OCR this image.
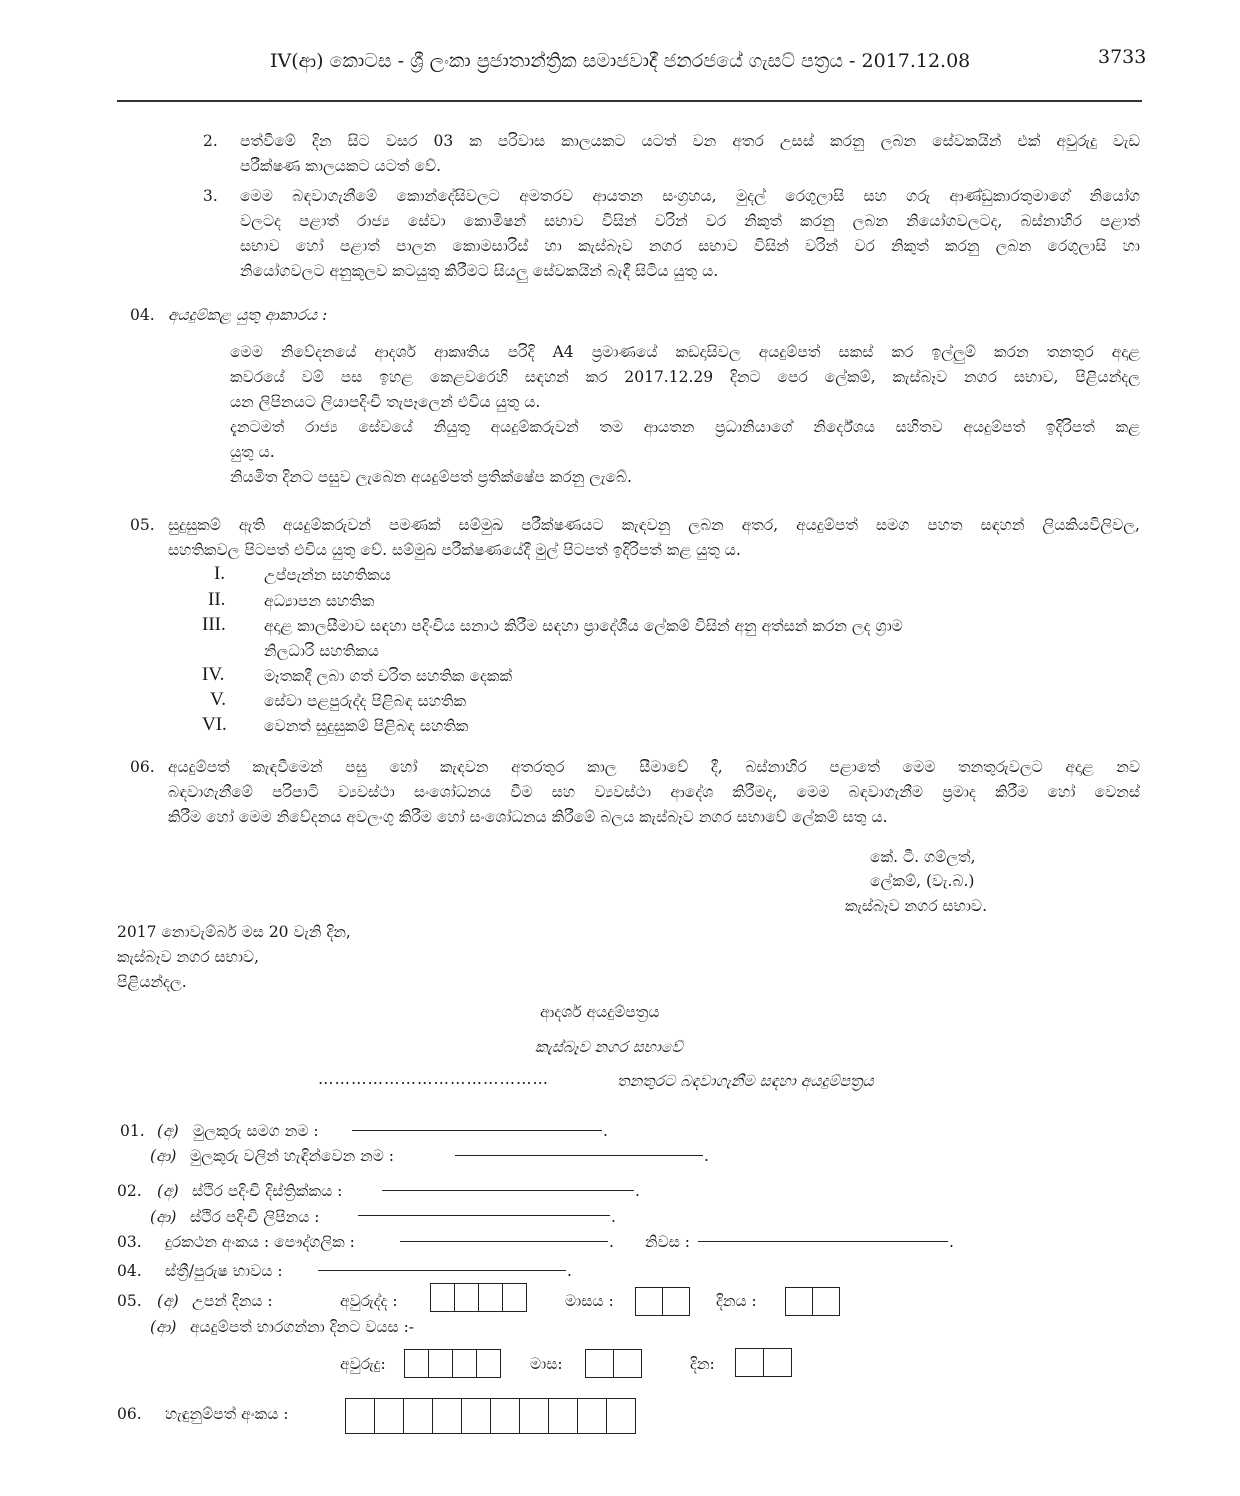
IV(ආ) කොටස - ශ්‍රී ලංකා ප්‍රජාතාන්ත්‍රික සමාජවාදී ජනරජයේ ගැසට් පත්‍රය - 2017.12.08	3733
2. පත්වීමේ දින සිට වසර 03 ක පරිවාස කාලයකට යටත් වන අතර උසස් කරනු ලබන සේවකයින් එක් අවුරුදු වැඩ
පරීක්ෂණ කාලයකට යටත් වේ.
3. මෙම බඳවාගැනීමේ කොන්දේසිවලට අමතරව ආයතන සංග්‍රහය, මුදල් රෙගුලාසි සහ ගරු ආණ්ඩුකාරතුමාගේ නියෝග
වලටද පළාත් රාජ්‍ය සේවා කොමිෂන් සභාව විසින් වරින් වර නිකුත් කරනු ලබන නියෝගවලටද, බස්නාහිර පළාත්
සභාව හෝ පළාත් පාලන කොමසාරිස් හා කැස්බෑව නගර සභාව විසින් වරින් වර නිකුත් කරනු ලබන රෙගුලාසි හා
නියෝගවලට අනුකූලව කටයුතු කිරීමට සියලු සේවකයින් බැඳී සිටිය යුතු ය.
04. අයදුම්කළ යුතු ආකාරය :
මෙම නිවේදනයේ ආදර්ශ ආකෘතිය පරිදි A4 ප්‍රමාණයේ කඩදාසිවල අයදුම්පත් සකස් කර ඉල්ලුම් කරන තනතුර අදාළ
කවරයේ වම් පස ඉහළ කෙළවරෙහි සඳහන් කර 2017.12.29 දිනට පෙර ලේකම්, කැස්බෑව නගර සභාව, පිළියන්දල
යන ලිපිනයට ලියාපදිංචි තැපෑලෙන් එවිය යුතු ය.
දැනටමත් රාජ්‍ය සේවයේ නියුතු අයදුම්කරුවන් තම ආයතන ප්‍රධානියාගේ නිර්දේශය සහිතව අයදුම්පත් ඉදිරිපත් කළ
යුතු ය.
නියමිත දිනට පසුව ලැබෙන අයදුම්පත් ප්‍රතික්ෂේප කරනු ලැබේ.
05. සුදුසුකම් ඇති අයදුම්කරුවන් පමණක් සම්මුඛ පරීක්ෂණයට කැඳවනු ලබන අතර, අයදුම්පත් සමග පහත සඳහන් ලියකියවිලිවල,
සහතිකවල පිටපත් එවිය යුතු වේ. සම්මුඛ පරීක්ෂණයේදී මුල් පිටපත් ඉදිරිපත් කළ යුතු ය.
I.	උප්පැන්න සහතිකය
II. අධ්‍යාපන සහතික
III. අදාළ කාලසීමාව සඳහා පදිංචිය සනාථ කිරීම සඳහා ප්‍රාදේශීය ලේකම් විසින් අනු අත්සන් කරන ලද ග්‍රාම
නිලධාරි සහතිකය
IV.	මෑතකදී ලබා ගත් චරිත සහතික දෙකක්
V. සේවා පළපුරුද්ද පිළිබඳ සහතික
VI. වෙනත් සුදුසුකම් පිළිබඳ සහතික
06. අයදුම්පත් කැඳවීමෙන් පසු හෝ කැඳවන අතරතුර කාල සීමාවේ දී, බස්නාහිර පළාතේ මෙම තනතුරුවලට අදාළ නව
බඳවාගැනීමේ පරිපාටි ව්‍යවස්ථා සංශෝධනය වීම සහ ව්‍යවස්ථා ආදේශ කිරීමද, මෙම බඳවාගැනීම ප්‍රමාද කිරීම හෝ වෙනස්
කිරීම හෝ මෙම නිවේදනය අවලංගු කිරීම හෝ සංශෝධනය කිරීමේ බලය කැස්බෑව නගර සභාවේ ලේකම් සතු ය.
කේ. ටී. ගම්ලත්,
ලේකම්, (වැ.බ.)
කැස්බෑව නගර සභාව.
2017 නොවැම්බර් මස 20 වැනි දින,
කැස්බෑව නගර සභාව,
පිළියන්දල.
ආදර්ශ අයදුම්පත්‍රය
කැස්බෑව නගර සභාවේ
……………………………………	තනතුරට බඳවාගැනීම සඳහා අයදුම්පත්‍රය
01. (අ) මුලකුරු සමග නම :	.
(ආ) මුලකුරු වලින් හැඳින්වෙන නම :	.
02. (අ) ස්ථිර පදිංචි දිස්ත්‍රික්කය :	.
(ආ) ස්ථිර පදිංචි ලිපිනය :	.
03. දුරකථන අංකය : පෞද්ගලික :	. නිවස :	.
04. ස්ත්‍රී/පුරුෂ භාවය :	.
05. (අ) උපන් දිනය :	අවුරුද්ද :	මාසය :	දිනය :
(ආ) අයදුම්පත් භාරගන්නා දිනට වයස :-
අවුරුදු:	මාස:	දින:
06. හැඳුනුම්පත් අංකය :
